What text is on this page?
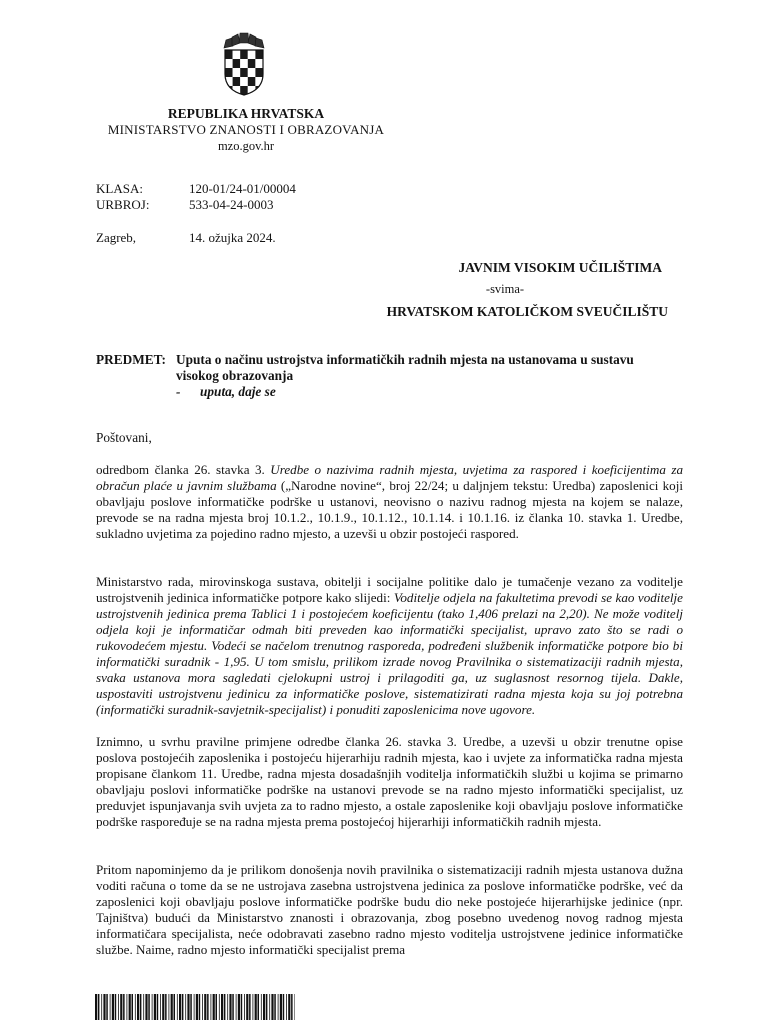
REPUBLIKA HRVATSKA
MINISTARSTVO ZNANOSTI I OBRAZOVANJA
mzo.gov.hr
KLASA:	120-01/24-01/00004
URBROJ:	533-04-24-0003
Zagreb,	14. ožujka 2024.
JAVNIM VISOKIM UČILIŠTIMA
-svima-
HRVATSKOM KATOLIČKOM SVEUČILIŠTU
PREDMET: Uputa o načinu ustrojstva informatičkih radnih mjesta na ustanovama u sustavu visokog obrazovanja
- uputa, daje se
Poštovani,
odredbom članka 26. stavka 3. Uredbe o nazivima radnih mjesta, uvjetima za raspored i koeficijentima za obračun plaće u javnim službama („Narodne novine“, broj 22/24; u daljnjem tekstu: Uredba) zaposlenici koji obavljaju poslove informatičke podrške u ustanovi, neovisno o nazivu radnog mjesta na kojem se nalaze, prevode se na radna mjesta broj 10.1.2., 10.1.9., 10.1.12., 10.1.14. i 10.1.16. iz članka 10. stavka 1. Uredbe, sukladno uvjetima za pojedino radno mjesto, a uzevši u obzir postojeći raspored.
Ministarstvo rada, mirovinskoga sustava, obitelji i socijalne politike dalo je tumačenje vezano za voditelje ustrojstvenih jedinica informatičke potpore kako slijedi: Voditelje odjela na fakultetima prevodi se kao voditelje ustrojstvenih jedinica prema Tablici 1 i postojećem koeficijentu (tako 1,406 prelazi na 2,20). Ne može voditelj odjela koji je informatičar odmah biti preveden kao informatički specijalist, upravo zato što se radi o rukovodećem mjestu. Vodeći se načelom trenutnog rasporeda, podređeni službenik informatičke potpore bio bi informatički suradnik - 1,95. U tom smislu, prilikom izrade novog Pravilnika o sistematizaciji radnih mjesta, svaka ustanova mora sagledati cjelokupni ustroj i prilagoditi ga, uz suglasnost resornog tijela. Dakle, uspostaviti ustrojstvenu jedinicu za informatičke poslove, sistematizirati radna mjesta koja su joj potrebna (informatički suradnik-savjetnik-specijalist) i ponuditi zaposlenicima nove ugovore.
Iznimno, u svrhu pravilne primjene odredbe članka 26. stavka 3. Uredbe, a uzevši u obzir trenutne opise poslova postojećih zaposlenika i postojeću hijerarhiju radnih mjesta, kao i uvjete za informatička radna mjesta propisane člankom 11. Uredbe, radna mjesta dosadašnjih voditelja informatičkih službi u kojima se primarno obavljaju poslovi informatičke podrške na ustanovi prevode se na radno mjesto informatički specijalist, uz preduvjet ispunjavanja svih uvjeta za to radno mjesto, a ostale zaposlenike koji obavljaju poslove informatičke podrške raspoređuje se na radna mjesta prema postojećoj hijerarhiji informatičkih radnih mjesta.
Pritom napominjemo da je prilikom donošenja novih pravilnika o sistematizaciji radnih mjesta ustanova dužna voditi računa o tome da se ne ustrojava zasebna ustrojstvena jedinica za poslove informatičke podrške, već da zaposlenici koji obavljaju poslove informatičke podrške budu dio neke postojeće hijerarhijske jedinice (npr. Tajništva) budući da Ministarstvo znanosti i obrazovanja, zbog posebno uvedenog novog radnog mjesta informatičara specijalista, neće odobravati zasebno radno mjesto voditelja ustrojstvene jedinice informatičke službe. Naime, radno mjesto informatički specijalist prema
